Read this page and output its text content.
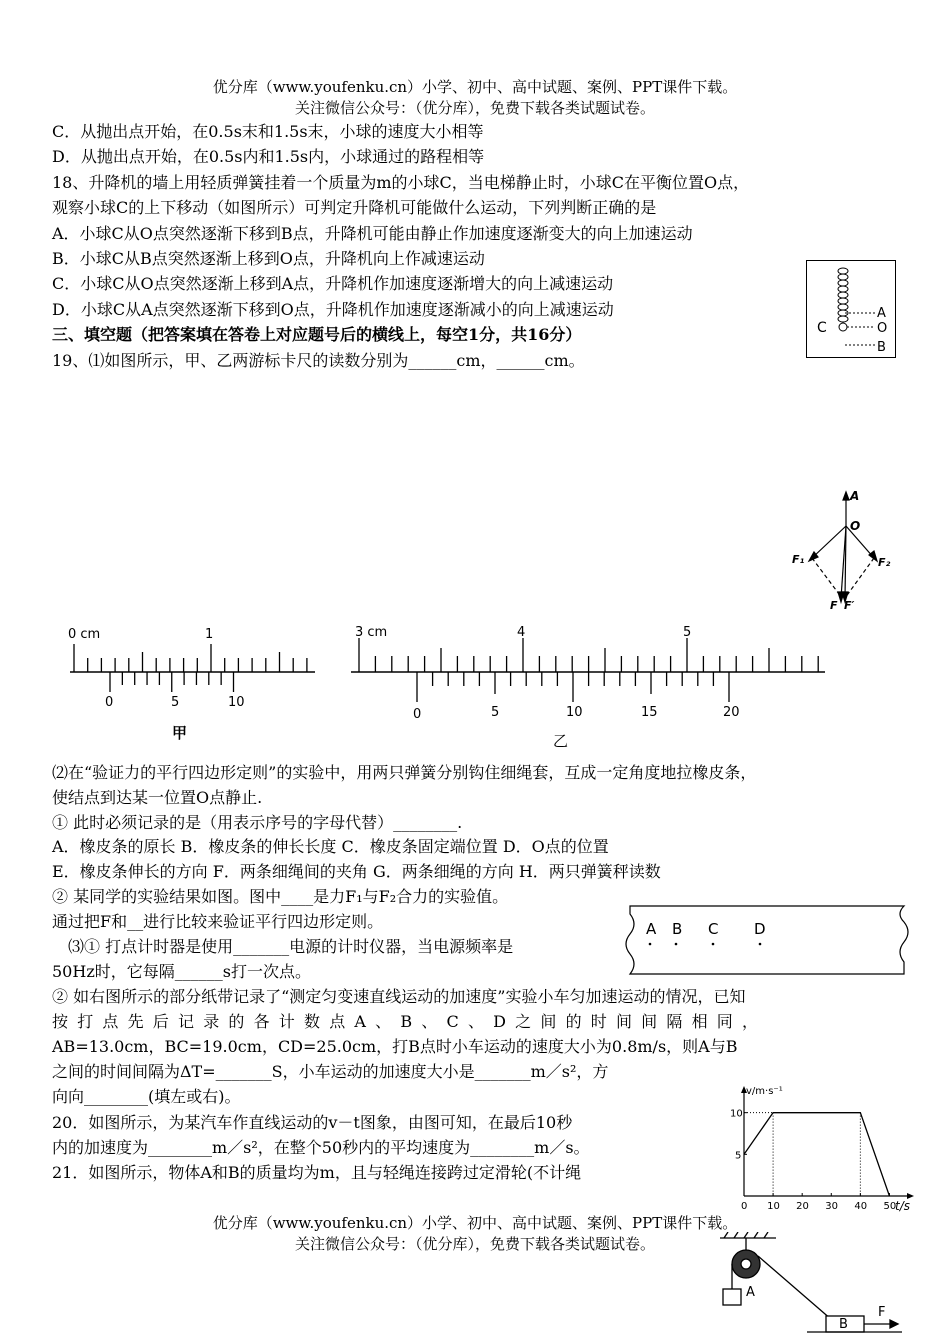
优分库（www.youfenku.cn）小学、初中、高中试题、案例、PPT课件下载。
关注微信公众号：（优分库），免费下载各类试题试卷。
C．从抛出点开始，在0.5s末和1.5s末，小球的速度大小相等
D．从抛出点开始，在0.5s内和1.5s内，小球通过的路程相等
18、升降机的墙上用轻质弹簧挂着一个质量为m的小球C，当电梯静止时，小球C在平衡位置O点，
观察小球C的上下移动（如图所示）可判定升降机可能做什么运动，下列判断正确的是
A．小球C从O点突然逐渐下移到B点，升降机可能由静止作加速度逐渐变大的向上加速运动
B．小球C从B点突然逐渐上移到O点，升降机向上作减速运动
C．小球C从O点突然逐渐上移到A点，升降机作加速度逐渐增大的向上减速运动
D．小球C从A点突然逐渐下移到O点，升降机作加速度逐渐减小的向上减速运动	A
O
B
C
三、填空题（把答案填在答卷上对应题号后的横线上，每空1分，共16分）
19、⑴如图所示，甲、乙两游标卡尺的读数分别为______cm，______cm。
A
O
F₁	F₂
F F′
0 cm	1
0	5	10
甲
3 cm	4	5
0	5	10	15	20
乙
⑵在“验证力的平行四边形定则”的实验中，用两只弹簧分别钩住细绳套，互成一定角度地拉橡皮条，
使结点到达某一位置O点静止.
① 此时必须记录的是（用表示序号的字母代替）________.
A．橡皮条的原长 B．橡皮条的伸长长度 C．橡皮条固定端位置 D．O点的位置
E．橡皮条伸长的方向 F．两条细绳间的夹角 G．两条细绳的方向 H．两只弹簧秤读数
② 某同学的实验结果如图。图中____是力F₁与F₂合力的实验值。
通过把F和__进行比较来验证平行四边形定则。
⑶① 打点计时器是使用_______电源的计时仪器，当电源频率是
50Hz时，它每隔______s打一次点。
A B C D
② 如右图所示的部分纸带记录了“测定匀变速直线运动的加速度”实验小车匀加速运动的情况，已知
按打点先后记录的各计数点A、B、C、D之间的时间间隔相同，
AB=13.0cm，BC=19.0cm，CD=25.0cm，打B点时小车运动的速度大小为0.8m/s，则A与B
之间的时间间隔为ΔT=_______S，小车运动的加速度大小是_______m／s²，方
向向________(填左或右)。
20．如图所示，为某汽车作直线运动的v－t图象，由图可知，在最后10秒
内的加速度为________m／s²，在整个50秒内的平均速度为________m／s。
21．如图所示，物体A和B的质量均为m，且与轻绳连接跨过定滑轮(不计绳
0 10 20 30 40 50
5
10
v/m·s⁻¹
t/s
优分库（www.youfenku.cn）小学、初中、高中试题、案例、PPT课件下载。
关注微信公众号：（优分库），免费下载各类试题试卷。
A
B
F
